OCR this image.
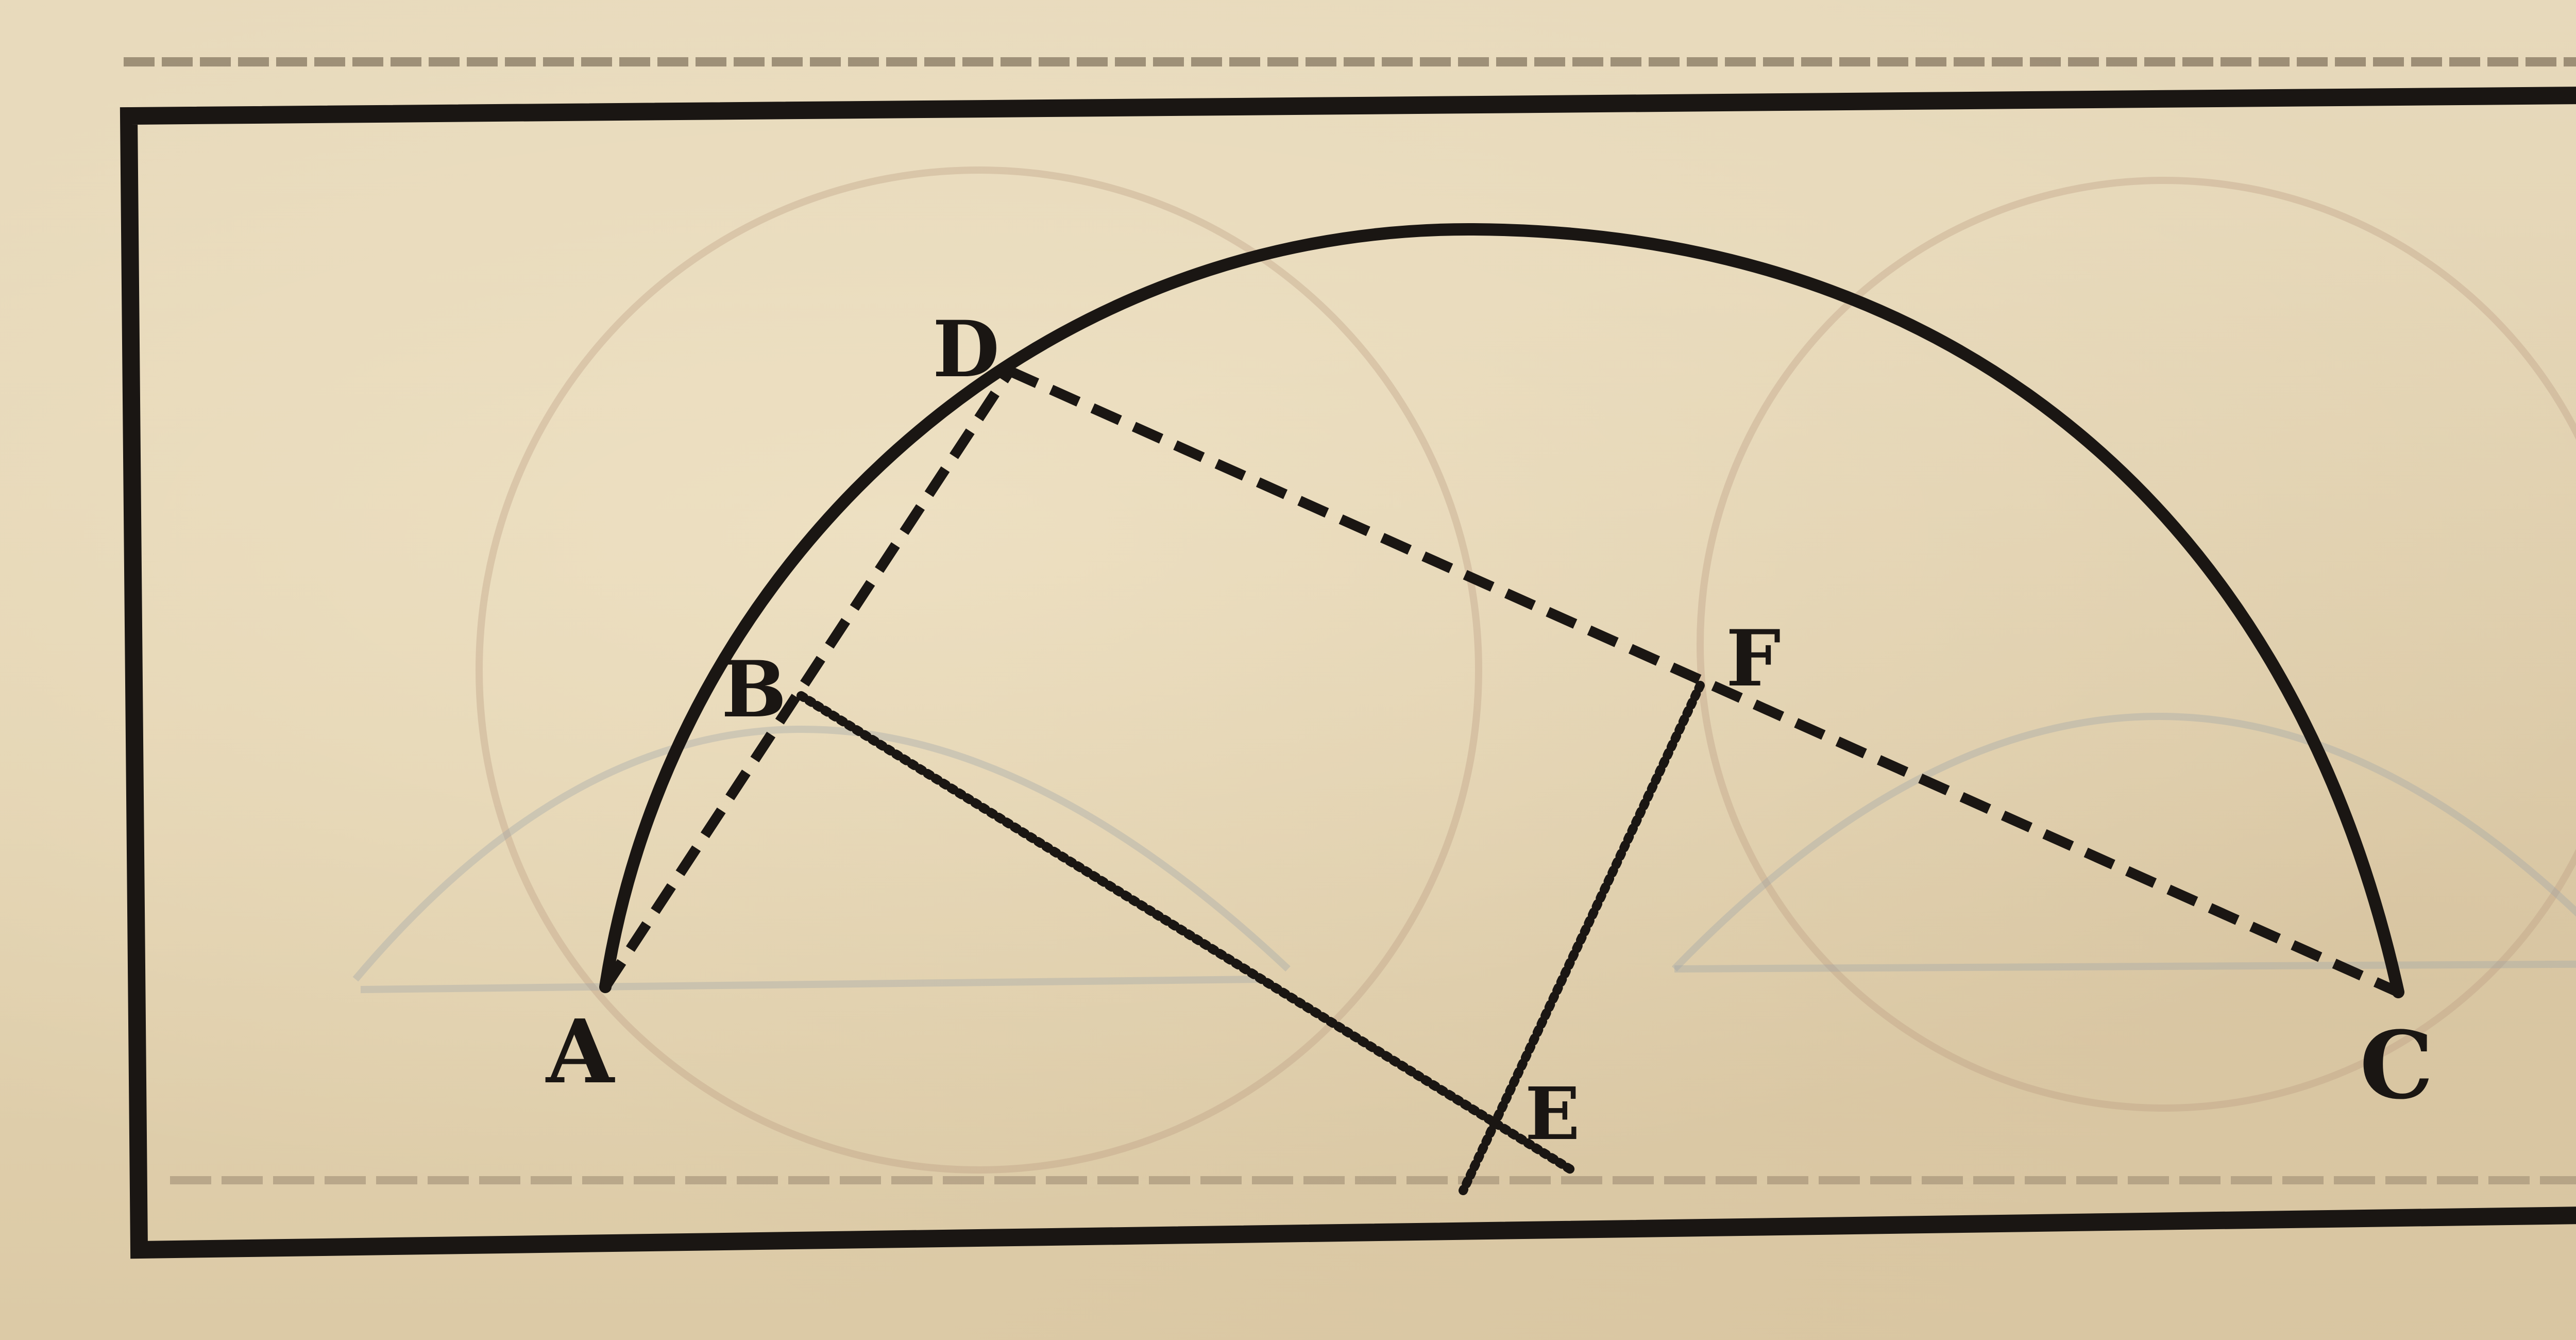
A
B
C
D
E
F
